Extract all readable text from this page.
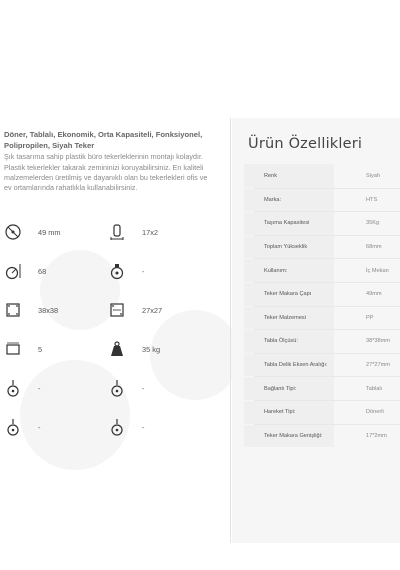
Döner, Tablalı, Ekonomik, Orta Kapasiteli, Fonksiyonel, Polipropilen, Siyah Teker
Şık tasarıma sahip plastik büro tekerleklerinin montajı kolaydır. Plastik tekerlekler takarak zemininizi koruyabilirsiniz. En kaliteli malzemelerden üretilmiş ve dayanıklı olan bu tekerlekleri ofis ve ev ortamlarında rahatlıkla kullanabilirsiniz.
49 mm	17x2
68	-
38x38	27x27
5	35 kg
-	-
-	-
Ürün Özellikleri
Renk	Siyah
Marka:	HTS
Taşıma Kapasitesi	35Kg
Toplam Yükseklik	68mm
Kullanım:	İç Mekan
Teker Makara Çapı	49mm
Teker Malzemesi	PP
Tabla Ölçüsü:	38*38mm
Tabla Delik Eksen Aralığı:	27*27mm
Bağlantı Tipi:	Tablalı
Hareket Tipi:	Dönerli
Teker Makara Genişliği:	17*2mm
